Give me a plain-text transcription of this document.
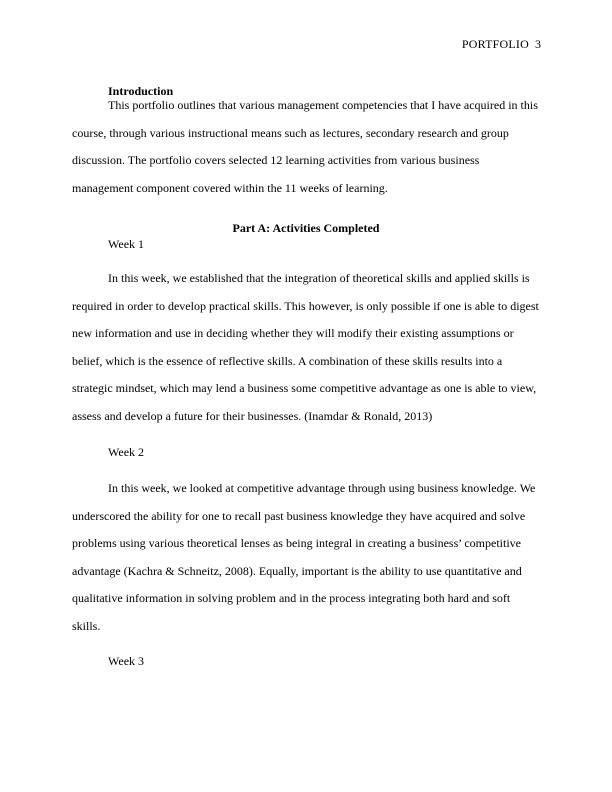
PORTFOLIO 3
Introduction
This portfolio outlines that various management competencies that I have acquired in this course, through various instructional means such as lectures, secondary research and group discussion. The portfolio covers selected 12 learning activities from various business management component covered within the 11 weeks of learning.
Part A: Activities Completed
Week 1
In this week, we established that the integration of theoretical skills and applied skills is required in order to develop practical skills. This however, is only possible if one is able to digest new information and use in deciding whether they will modify their existing assumptions or belief, which is the essence of reflective skills. A combination of these skills results into a strategic mindset, which may lend a business some competitive advantage as one is able to view, assess and develop a future for their businesses. (Inamdar & Ronald, 2013)
Week 2
In this week, we looked at competitive advantage through using business knowledge. We underscored the ability for one to recall past business knowledge they have acquired and solve problems using various theoretical lenses as being integral in creating a business’ competitive advantage (Kachra & Schneitz, 2008). Equally, important is the ability to use quantitative and qualitative information in solving problem and in the process integrating both hard and soft skills.
Week 3
